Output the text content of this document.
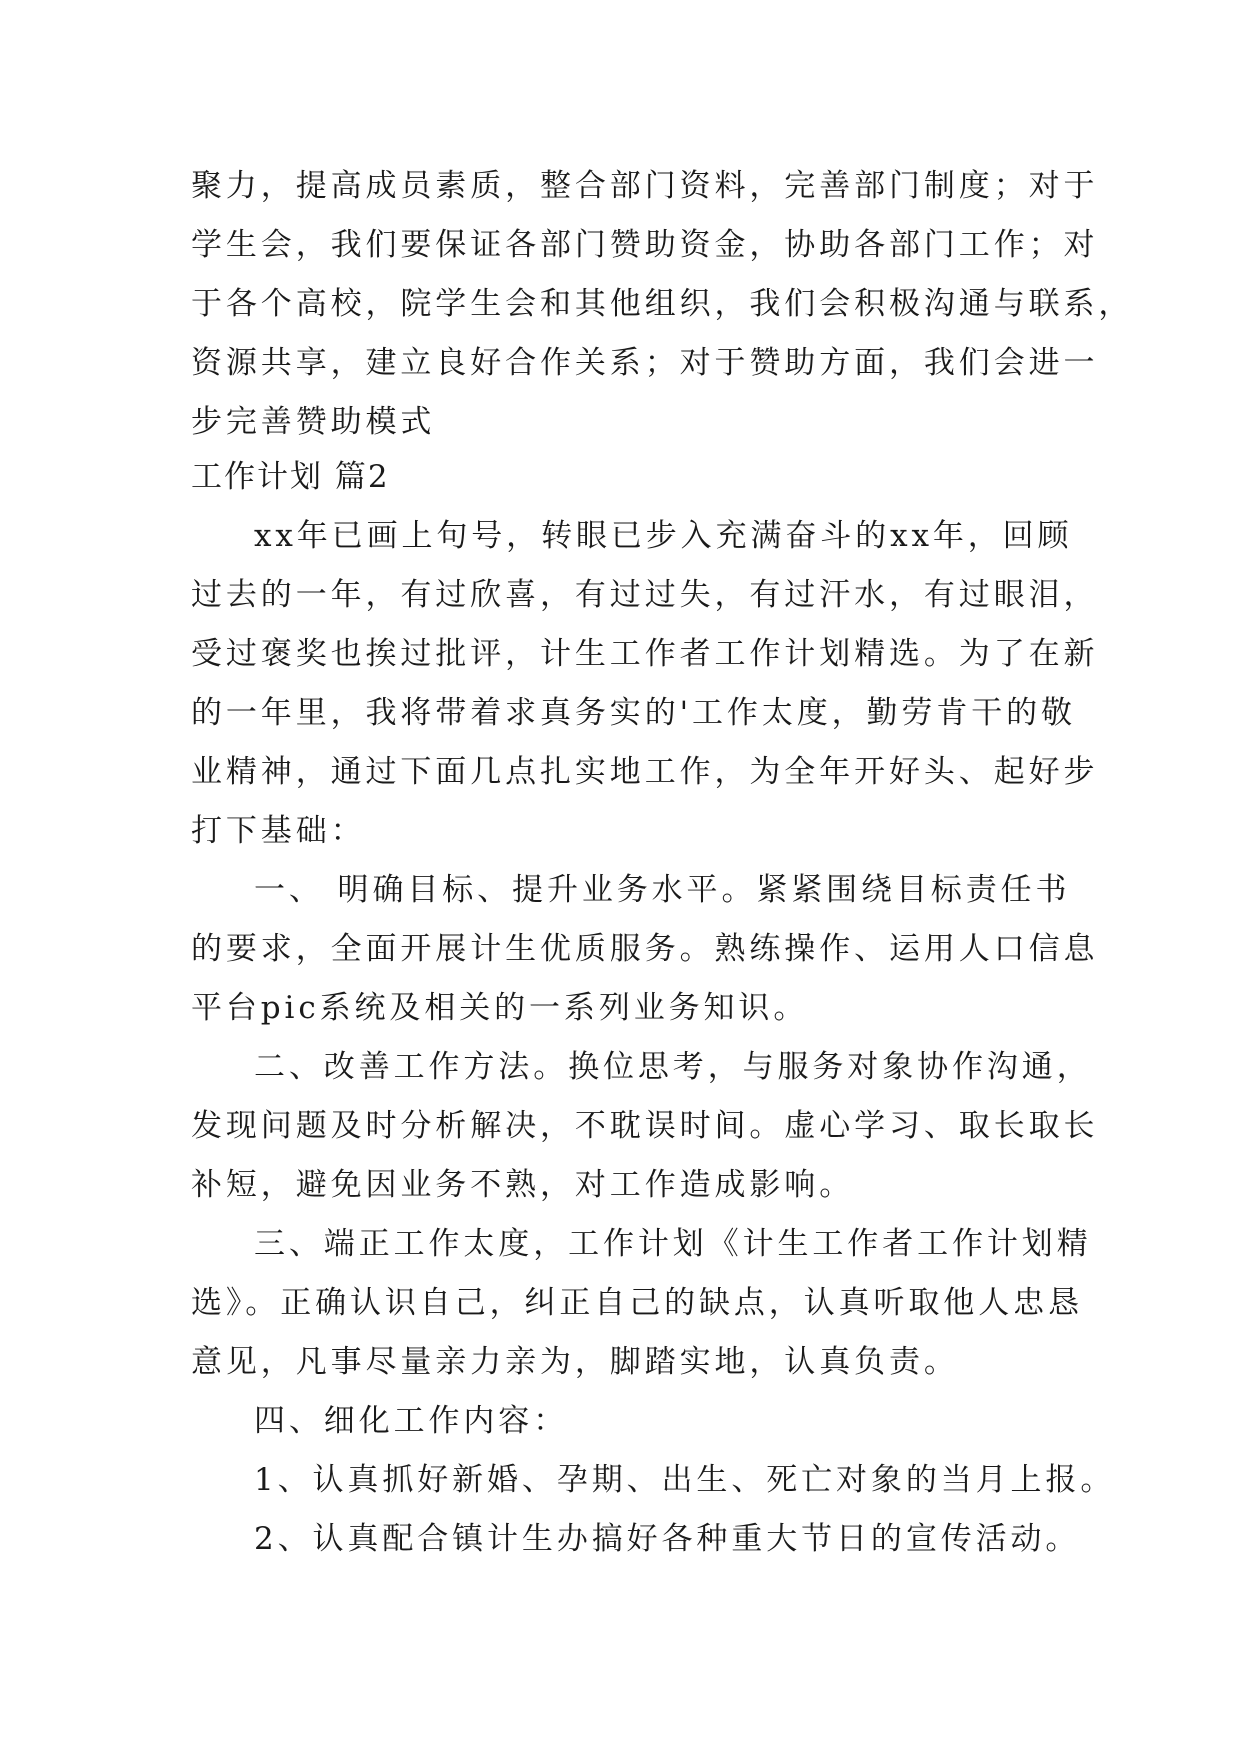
聚力，提高成员素质，整合部门资料，完善部门制度；对于
学生会，我们要保证各部门赞助资金，协助各部门工作；对
于各个高校，院学生会和其他组织，我们会积极沟通与联系，
资源共享，建立良好合作关系；对于赞助方面，我们会进一
步完善赞助模式
工作计划 篇2
xx年已画上句号，转眼已步入充满奋斗的xx年，回顾
过去的一年，有过欣喜，有过过失，有过汗水，有过眼泪，
受过褒奖也挨过批评，计生工作者工作计划精选。为了在新
的一年里，我将带着求真务实的'工作太度，勤劳肯干的敬
业精神，通过下面几点扎实地工作，为全年开好头、起好步
打下基础：
一、 明确目标、提升业务水平。紧紧围绕目标责任书
的要求，全面开展计生优质服务。熟练操作、运用人口信息
平台pic系统及相关的一系列业务知识。
二、改善工作方法。换位思考，与服务对象协作沟通，
发现问题及时分析解决，不耽误时间。虚心学习、取长取长
补短，避免因业务不熟，对工作造成影响。
三、端正工作太度，工作计划《计生工作者工作计划精
选》。正确认识自己，纠正自己的缺点，认真听取他人忠恳
意见，凡事尽量亲力亲为，脚踏实地，认真负责。
四、细化工作内容：
1、认真抓好新婚、孕期、出生、死亡对象的当月上报。
2、认真配合镇计生办搞好各种重大节日的宣传活动。
